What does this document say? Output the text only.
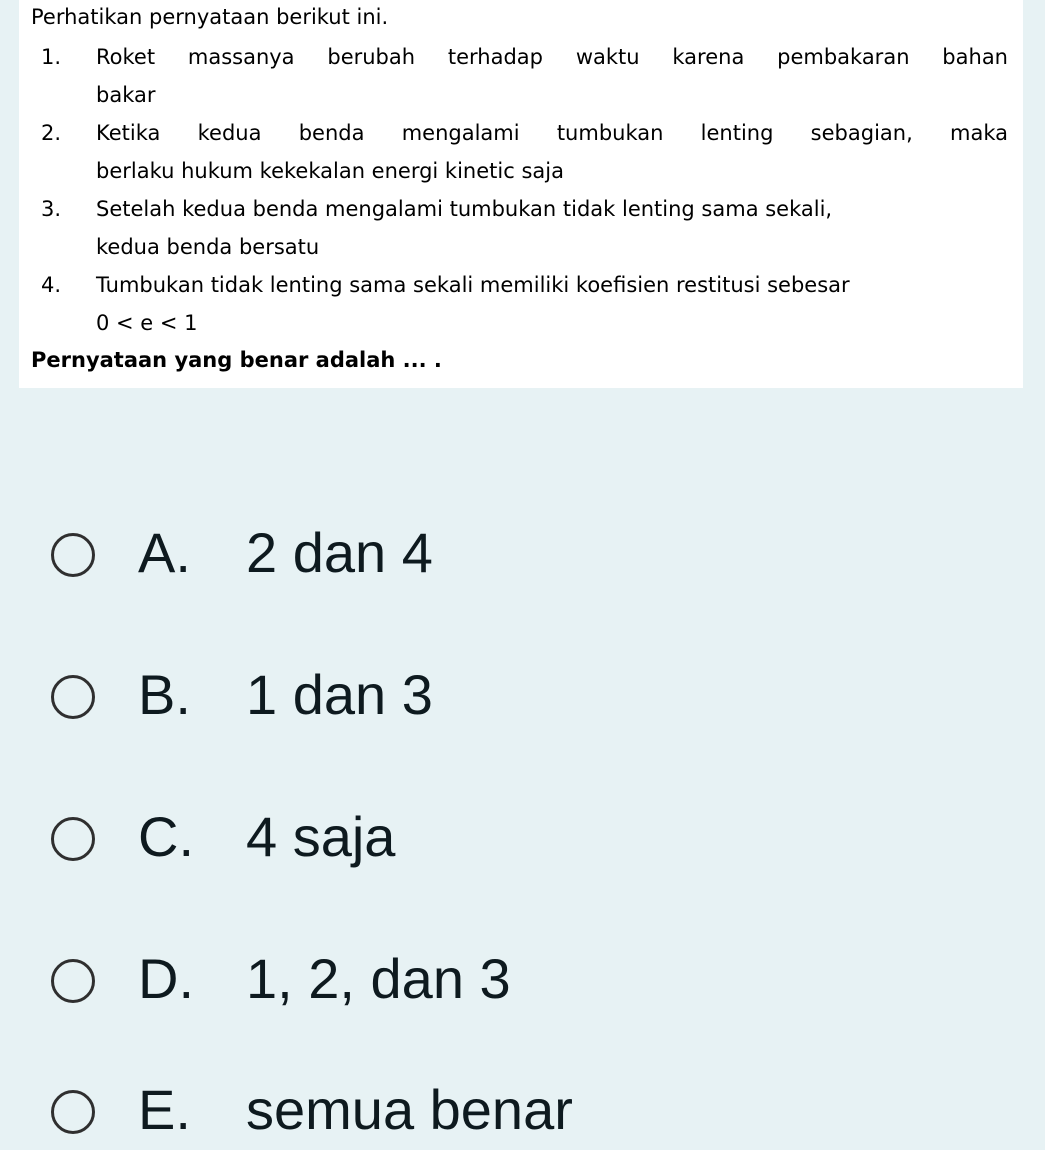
Perhatikan pernyataan berikut ini.
1.	Roket massanya berubah terhadap waktu karena pembakaran bahan
bakar
2.	Ketika kedua benda mengalami tumbukan lenting sebagian, maka
berlaku hukum kekekalan energi kinetic saja
3.	Setelah kedua benda mengalami tumbukan tidak lenting sama sekali,
kedua benda bersatu
4.	Tumbukan tidak lenting sama sekali memiliki koefisien restitusi sebesar
0 < e < 1
Pernyataan yang benar adalah ... .
A. 2 dan 4
B. 1 dan 3
C. 4 saja
D. 1, 2, dan 3
E. semua benar
